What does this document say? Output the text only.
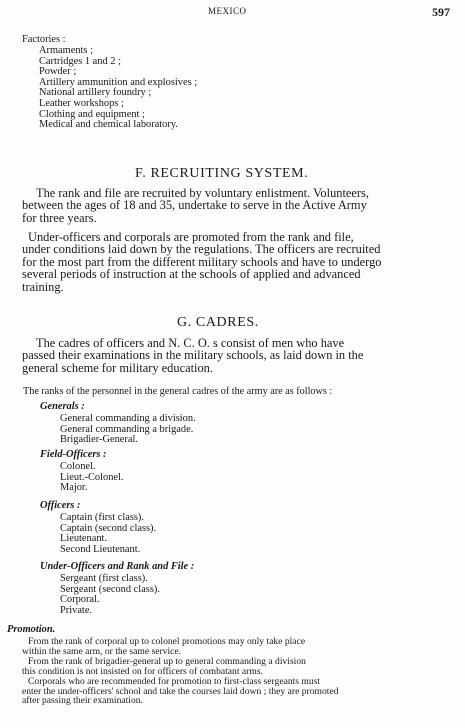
MEXICO	597
Factories :
Armaments ;
Cartridges 1 and 2 ;
Powder ;
Artillery ammunition and explosives ;
National artillery foundry ;
Leather workshops ;
Clothing and equipment ;
Medical and chemical laboratory.
F. RECRUITING SYSTEM.
The rank and file are recruited by voluntary enlistment. Volunteers,
between the ages of 18 and 35, undertake to serve in the Active Army
for three years.
Under-officers and corporals are promoted from the rank and file,
under conditions laid down by the regulations. The officers are recruited
for the most part from the different military schools and have to undergo
several periods of instruction at the schools of applied and advanced
training.
G. CADRES.
The cadres of officers and N. C. O. s consist of men who have
passed their examinations in the military schools, as laid down in the
general scheme for military education.
The ranks of the personnel in the general cadres of the army are as follows :
Generals :
General commanding a division.
General commanding a brigade.
Brigadier-General.
Field-Officers :
Colonel.
Lieut.-Colonel.
Major.
Officers :
Captain (first class).
Captain (second class).
Lieutenant.
Second Lieutenant.
Under-Officers and Rank and File :
Sergeant (first class).
Sergeant (second class).
Corporal.
Private.
Promotion.
From the rank of corporal up to colonel promotions may only take place
within the same arm, or the same service.
From the rank of brigadier-general up to general commanding a division
this condition is not insisted on for officers of combatant arms.
Corporals who are recommended for promotion to first-class sergeants must
enter the under-officers' school and take the courses laid down ; they are promoted
after passing their examination.
